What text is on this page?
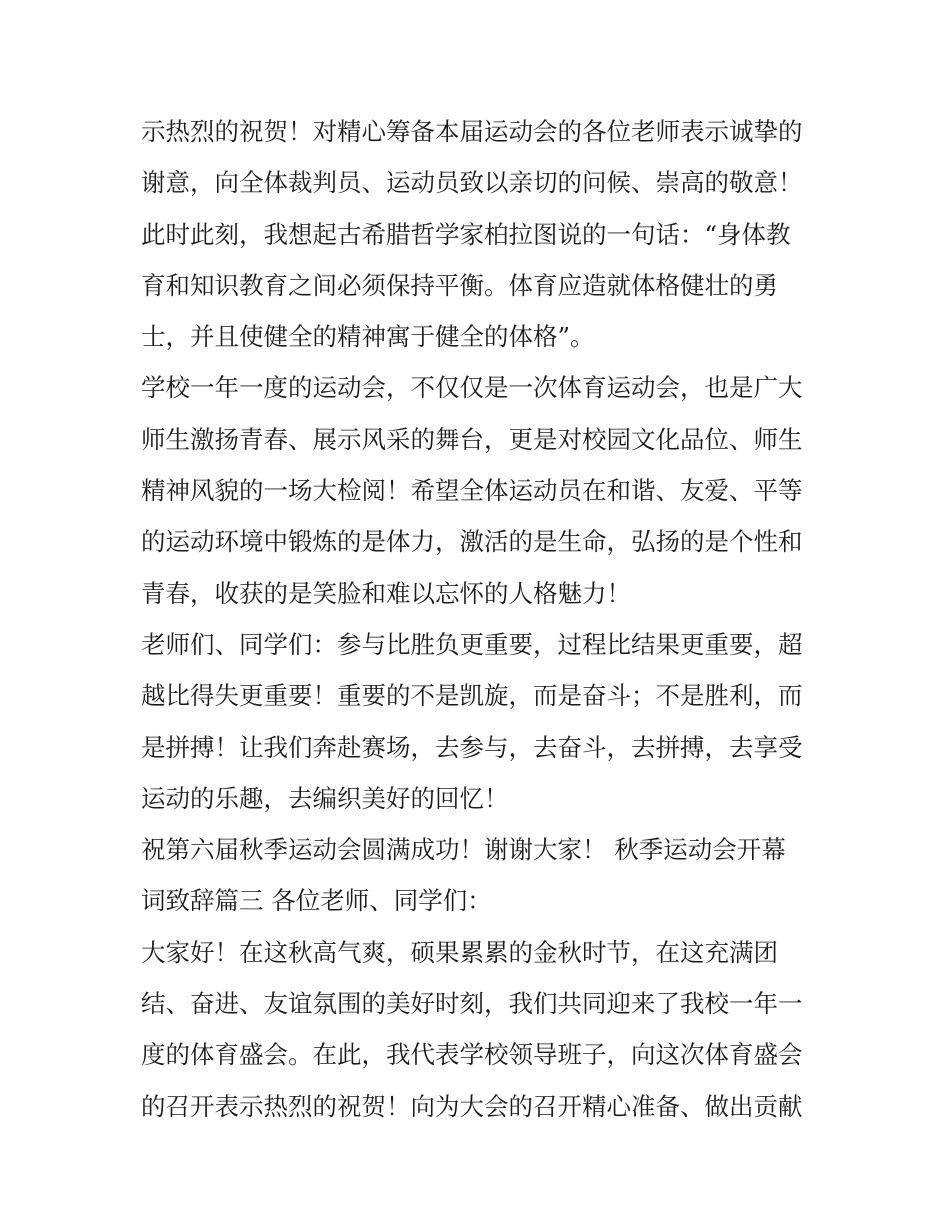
示热烈的祝贺！对精心筹备本届运动会的各位老师表示诚挚的
谢意，向全体裁判员、运动员致以亲切的问候、崇高的敬意！
此时此刻，我想起古希腊哲学家柏拉图说的一句话：“身体教
育和知识教育之间必须保持平衡。体育应造就体格健壮的勇
士，并且使健全的精神寓于健全的体格”。
学校一年一度的运动会，不仅仅是一次体育运动会，也是广大
师生激扬青春、展示风采的舞台，更是对校园文化品位、师生
精神风貌的一场大检阅！希望全体运动员在和谐、友爱、平等
的运动环境中锻炼的是体力，激活的是生命，弘扬的是个性和
青春，收获的是笑脸和难以忘怀的人格魅力！
老师们、同学们：参与比胜负更重要，过程比结果更重要，超
越比得失更重要！重要的不是凯旋，而是奋斗；不是胜利，而
是拼搏！让我们奔赴赛场，去参与，去奋斗，去拼搏，去享受
运动的乐趣，去编织美好的回忆！
祝第六届秋季运动会圆满成功！谢谢大家！ 秋季运动会开幕
词致辞篇三 各位老师、同学们：
大家好！在这秋高气爽，硕果累累的金秋时节，在这充满团
结、奋进、友谊氛围的美好时刻，我们共同迎来了我校一年一
度的体育盛会。在此，我代表学校领导班子，向这次体育盛会
的召开表示热烈的祝贺！向为大会的召开精心准备、做出贡献
